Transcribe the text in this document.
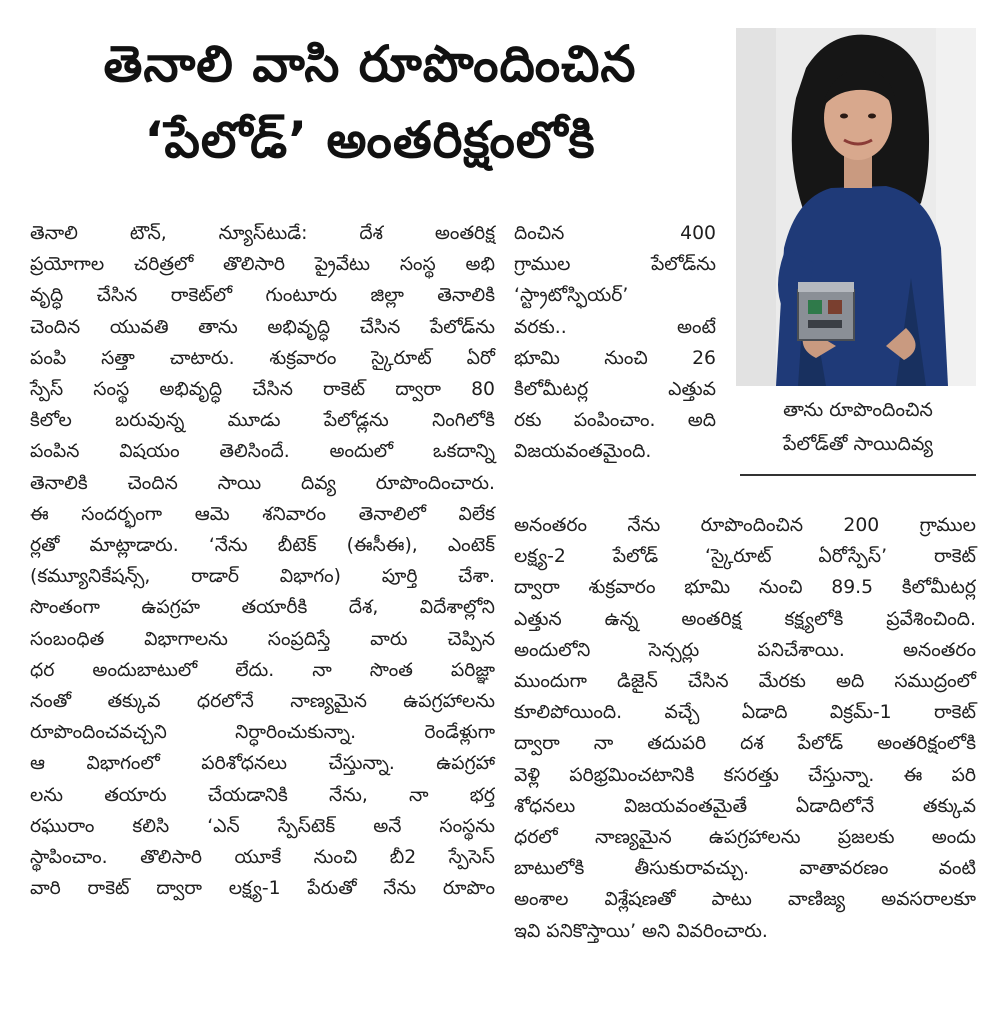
తెనాలి వాసి రూపొందించిన
‘పేలోడ్’ అంతరిక్షంలోకి
తాను రూపొందించిన
పేలోడ్‌తో సాయిదివ్య

తెనాలి టౌన్, న్యూస్‌టుడే: దేశ అంతరిక్ష

ప్రయోగాల చరిత్రలో తొలిసారి ప్రైవేటు సంస్థ అభి

వృద్ధి చేసిన రాకెట్‌లో గుంటూరు జిల్లా తెనాలికి

చెందిన యువతి తాను అభివృద్ధి చేసిన పేలోడ్‌ను

పంపి సత్తా చాటారు. శుక్రవారం స్కైరూట్ ఏరో

స్పేస్ సంస్థ అభివృద్ధి చేసిన రాకెట్ ద్వారా 80

కిలోల బరువున్న మూడు పేలోడ్లను నింగిలోకి

పంపిన విషయం తెలిసిందే. అందులో ఒకదాన్ని

తెనాలికి చెందిన సాయి దివ్య రూపొందించారు.

ఈ సందర్భంగా ఆమె శనివారం తెనాలిలో విలేక

ర్లతో మాట్లాడారు. ‘నేను బీటెక్ (ఈసీఈ), ఎంటెక్

(కమ్యూనికేషన్స్, రాడార్ విభాగం) పూర్తి చేశా.

సొంతంగా ఉపగ్రహ తయారీకి దేశ, విదేశాల్లోని

సంబంధిత విభాగాలను సంప్రదిస్తే వారు చెప్పిన

ధర అందుబాటులో లేదు. నా సొంత పరిజ్ఞా

నంతో తక్కువ ధరలోనే నాణ్యమైన ఉపగ్రహాలను

రూపొందించవచ్చని నిర్ధారించుకున్నా. రెండేళ్లుగా

ఆ విభాగంలో పరిశోధనలు చేస్తున్నా. ఉపగ్రహా

లను తయారు చేయడానికి నేను, నా భర్త

రఘురాం కలిసి ‘ఎన్ స్పేస్‌టెక్ అనే సంస్థను

స్థాపించాం. తొలిసారి యూకే నుంచి బీ2 స్పేసెస్

వారి రాకెట్ ద్వారా లక్ష్య-1 పేరుతో నేను రూపొం

దించిన 400

గ్రాముల పేలోడ్‌ను

‘స్ట్రాటోస్ఫియర్’

వరకు.. అంటే

భూమి నుంచి 26

కిలోమీటర్ల ఎత్తువ

రకు పంపించాం. అది

విజయవంతమైంది.

అనంతరం నేను రూపొందించిన 200 గ్రాముల

లక్ష్య-2 పేలోడ్ ‘స్కైరూట్ ఏరోస్పేస్’ రాకెట్

ద్వారా శుక్రవారం భూమి నుంచి 89.5 కిలోమీటర్ల

ఎత్తున ఉన్న అంతరిక్ష కక్ష్యలోకి ప్రవేశించింది.

అందులోని సెన్సర్లు పనిచేశాయి. అనంతరం

ముందుగా డిజైన్ చేసిన మేరకు అది సముద్రంలో

కూలిపోయింది. వచ్చే ఏడాది విక్రమ్-1 రాకెట్

ద్వారా నా తదుపరి దశ పేలోడ్ అంతరిక్షంలోకి

వెళ్లి పరిభ్రమించటానికి కసరత్తు చేస్తున్నా. ఈ పరి

శోధనలు విజయవంతమైతే ఏడాదిలోనే తక్కువ

ధరలో నాణ్యమైన ఉపగ్రహాలను ప్రజలకు అందు

బాటులోకి తీసుకురావచ్చు. వాతావరణం వంటి

అంశాల విశ్లేషణతో పాటు వాణిజ్య అవసరాలకూ

ఇవి పనికొస్తాయి’ అని వివరించారు.
